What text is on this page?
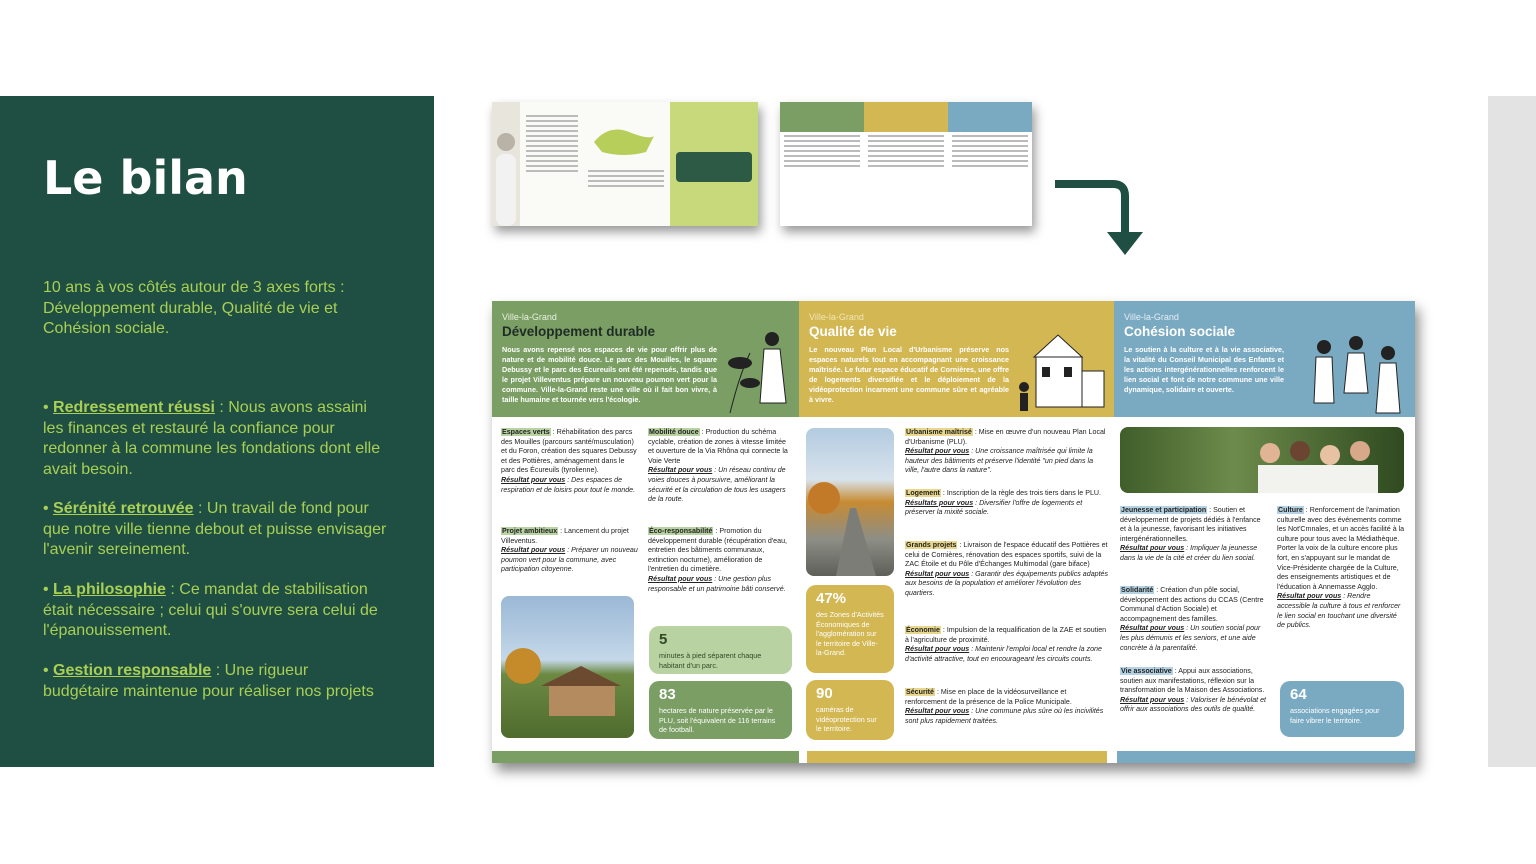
Le bilan
10 ans à vos côtés autour de 3 axes forts : Développement durable, Qualité de vie et Cohésion sociale.
• Redressement réussi : Nous avons assaini les finances et restauré la confiance pour redonner à la commune les fondations dont elle avait besoin.
• Sérénité retrouvée : Un travail de fond pour que notre ville tienne debout et puisse envisager l'avenir sereinement.
• La philosophie : Ce mandat de stabilisation était nécessaire ; celui qui s'ouvre sera celui de l'épanouissement.
• Gestion responsable : Une rigueur budgétaire maintenue pour réaliser nos projets
Ville-la-Grand
Développement durable

Nous avons repensé nos espaces de vie pour offrir plus de nature et de mobilité douce. Le parc des Mouilles, le square Debussy et le parc des Écureuils ont été repensés, tandis que le projet Villeventus prépare un nouveau poumon vert pour la commune. Ville-la-Grand reste une ville où il fait bon vivre, à taille humaine et tournée vers l'écologie.

Ville-la-Grand
Qualité de vie

Le nouveau Plan Local d'Urbanisme préserve nos espaces naturels tout en accompagnant une croissance maîtrisée. Le futur espace éducatif de Cornières, une offre de logements diversifiée et le déploiement de la vidéoprotection incarnent une commune sûre et agréable à vivre.

Ville-la-Grand
Cohésion sociale

Le soutien à la culture et à la vie associative, la vitalité du Conseil Municipal des Enfants et les actions intergénérationnelles renforcent le lien social et font de notre commune une ville dynamique, solidaire et ouverte.

Espaces verts : Réhabilitation des parcs des Mouilles (parcours santé/musculation) et du Foron, création des squares Debussy et des Pottières, aménagement dans le parc des Écureuils (tyrolienne).
Résultat pour vous : Des espaces de respiration et de loisirs pour tout le monde.
Projet ambitieux : Lancement du projet Villeventus.
Résultat pour vous : Préparer un nouveau poumon vert pour la commune, avec participation citoyenne.
Mobilité douce : Production du schéma cyclable, création de zones à vitesse limitée et ouverture de la Via Rhôna qui connecte la Voie Verte
Résultat pour vous : Un réseau continu de voies douces à poursuivre, améliorant la sécurité et la circulation de tous les usagers de la route.
Éco-responsabilité : Promotion du développement durable (récupération d'eau, entretien des bâtiments communaux, extinction nocturne), amélioration de l'entretien du cimetière.
Résultat pour vous : Une gestion plus responsable et un patrimoine bâti conservé.
5
minutes à pied séparent chaque habitant d'un parc.
83
hectares de nature préservée par le PLU, soit l'équivalent de 116 terrains de football.
47%
des Zones d'Activités Économiques de l'agglomération sur le territoire de Ville-la-Grand.
90
caméras de vidéoprotection sur le territoire.
Urbanisme maîtrisé : Mise en œuvre d'un nouveau Plan Local d'Urbanisme (PLU).
Résultat pour vous : Une croissance maîtrisée qui limite la hauteur des bâtiments et préserve l'identité "un pied dans la ville, l'autre dans la nature".
Logement : Inscription de la règle des trois tiers dans le PLU.
Résultats pour vous : Diversifier l'offre de logements et préserver la mixité sociale.
Grands projets : Livraison de l'espace éducatif des Pottières et celui de Cornières, rénovation des espaces sportifs, suivi de la ZAC Étoile et du Pôle d'Échanges Multimodal (gare biface)
Résultat pour vous : Garantir des équipements publics adaptés aux besoins de la population et améliorer l'évolution des quartiers.
Économie : Impulsion de la requalification de la ZAE et soutien à l'agriculture de proximité.
Résultat pour vous : Maintenir l'emploi local et rendre la zone d'activité attractive, tout en encourageant les circuits courts.
Sécurité : Mise en place de la vidéosurveillance et renforcement de la présence de la Police Municipale.
Résultat pour vous : Une commune plus sûre où les incivilités sont plus rapidement traitées.
Jeunesse et participation : Soutien et développement de projets dédiés à l'enfance et à la jeunesse, favorisant les initiatives intergénérationnelles.
Résultat pour vous : Impliquer la jeunesse dans la vie de la cité et créer du lien social.
Solidarité : Création d'un pôle social, développement des actions du CCAS (Centre Communal d'Action Sociale) et accompagnement des familles.
Résultat pour vous : Un soutien social pour les plus démunis et les seniors, et une aide concrète à la parentalité.
Vie associative : Appui aux associations, soutien aux manifestations, réflexion sur la transformation de la Maison des Associations.
Résultat pour vous : Valoriser le bénévolat et offrir aux associations des outils de qualité.
Culture : Renforcement de l'animation culturelle avec des événements comme les Not'Cmnales, et un accès facilité à la culture pour tous avec la Médiathèque. Porter la voix de la culture encore plus fort, en s'appuyant sur le mandat de Vice-Présidente chargée de la Culture, des enseignements artistiques et de l'éducation à Annemasse Agglo.
Résultat pour vous : Rendre accessible la culture à tous et renforcer le lien social en touchant une diversité de publics.
64
associations engagées pour faire vibrer le territoire.
